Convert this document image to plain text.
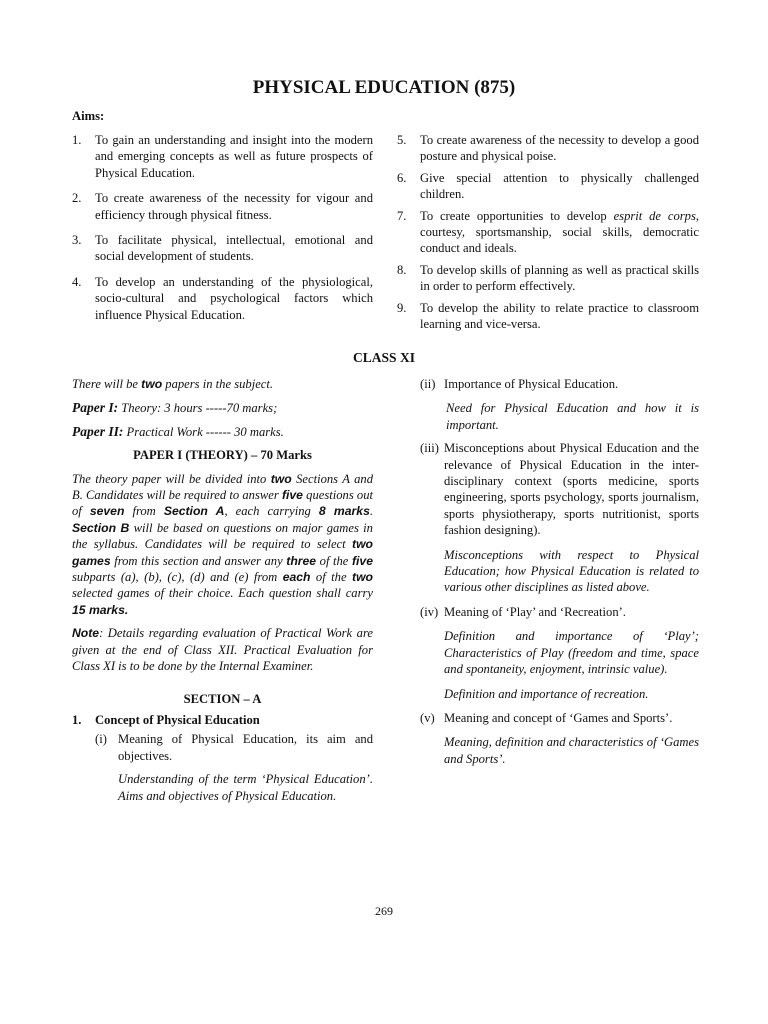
PHYSICAL EDUCATION (875)

Aims:

1.	To gain an understanding and insight into the modern and emerging concepts as well as future prospects of Physical Education.
2.	To create awareness of the necessity for vigour and efficiency through physical fitness.
3.	To facilitate physical, intellectual, emotional and social development of students.
4.	To develop an understanding of the physiological, socio-cultural and psychological factors which influence Physical Education.
5.	To create awareness of the necessity to develop a good posture and physical poise.
6.	Give special attention to physically challenged children.
7.	To create opportunities to develop esprit de corps, courtesy, sportsmanship, social skills, democratic conduct and ideals.
8.	To develop skills of planning as well as practical skills in order to perform effectively.
9.	To develop the ability to relate practice to classroom learning and vice-versa.

CLASS XI

There will be two papers in the subject.

Paper I: Theory: 3 hours -----70 marks;

Paper II: Practical Work ------ 30 marks.

PAPER I (THEORY) – 70 Marks

The theory paper will be divided into two Sections A and B. Candidates will be required to answer five questions out of seven from Section A, each carrying 8 marks. Section B will be based on questions on major games in the syllabus. Candidates will be required to select two games from this section and answer any three of the five subparts (a), (b), (c), (d) and (e) from each of the two selected games of their choice. Each question shall carry 15 marks.

Note: Details regarding evaluation of Practical Work are given at the end of Class XII. Practical Evaluation for Class XI is to be done by the Internal Examiner.

SECTION – A

1.	Concept of Physical Education
(i) Meaning of Physical Education, its aim and objectives.

Understanding of the term ‘Physical Education’. Aims and objectives of Physical Education.

(ii) Importance of Physical Education.

Need for Physical Education and how it is important.

(iii) Misconceptions about Physical Education and the relevance of Physical Education in the inter-disciplinary context (sports medicine, sports engineering, sports psychology, sports journalism, sports physiotherapy, sports nutritionist, sports fashion designing).

Misconceptions with respect to Physical Education; how Physical Education is related to various other disciplines as listed above.

(iv) Meaning of ‘Play’ and ‘Recreation’.

Definition and importance of ‘Play’; Characteristics of Play (freedom and time, space and spontaneity, enjoyment, intrinsic value).

Definition and importance of recreation.

(v) Meaning and concept of ‘Games and Sports’.

Meaning, definition and characteristics of ‘Games and Sports’.

269
